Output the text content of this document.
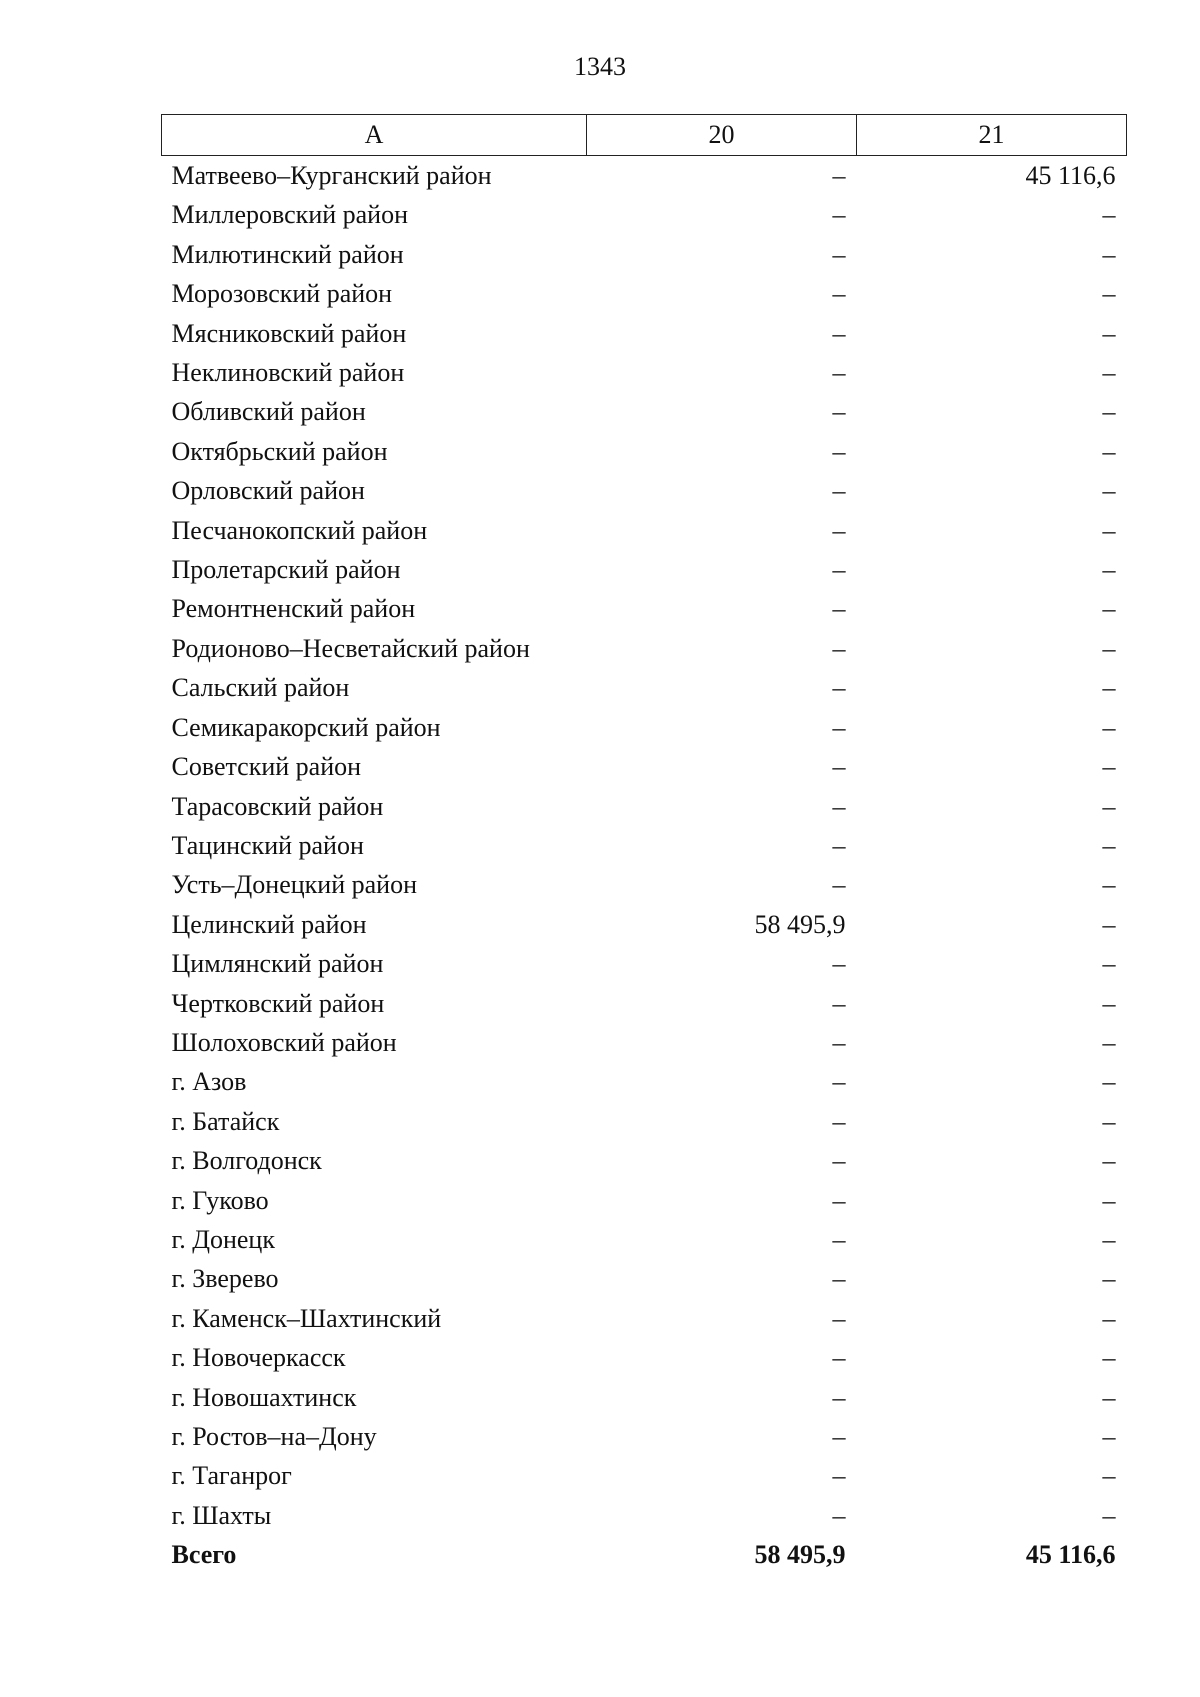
1343
А	20	21
Матвеево–Курганский район	–	45 116,6
Миллеровский район	–	–
Милютинский район	–	–
Морозовский район	–	–
Мясниковский район	–	–
Неклиновский район	–	–
Обливский район	–	–
Октябрьский район	–	–
Орловский район	–	–
Песчанокопский район	–	–
Пролетарский район	–	–
Ремонтненский район	–	–
Родионово–Несветайский район	–	–
Сальский район	–	–
Семикаракорский район	–	–
Советский район	–	–
Тарасовский район	–	–
Тацинский район	–	–
Усть–Донецкий район	–	–
Целинский район	58 495,9	–
Цимлянский район	–	–
Чертковский район	–	–
Шолоховский район	–	–
г. Азов	–	–
г. Батайск	–	–
г. Волгодонск	–	–
г. Гуково	–	–
г. Донецк	–	–
г. Зверево	–	–
г. Каменск–Шахтинский	–	–
г. Новочеркасск	–	–
г. Новошахтинск	–	–
г. Ростов–на–Дону	–	–
г. Таганрог	–	–
г. Шахты	–	–
Всего	58 495,9	45 116,6
